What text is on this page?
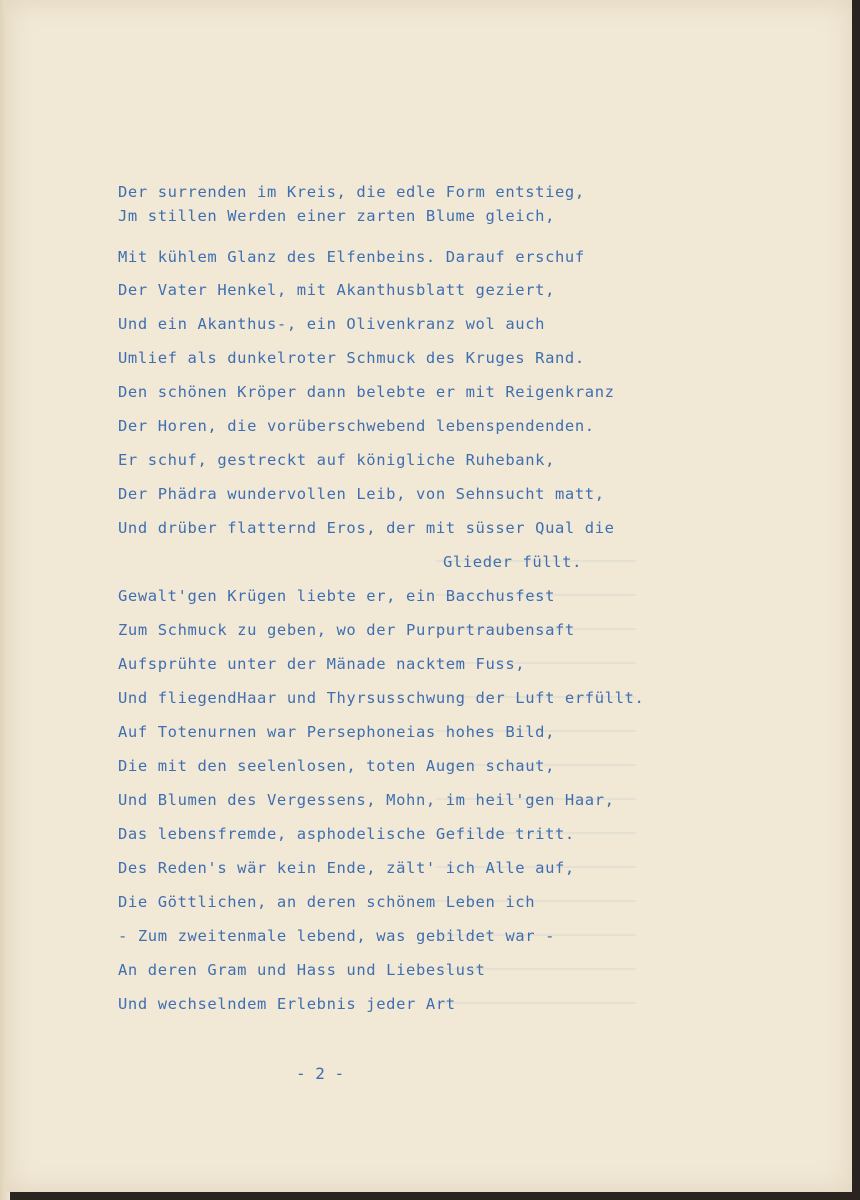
Der surrenden im Kreis, die edle Form entstieg,
Jm stillen Werden einer zarten Blume gleich,
Mit kühlem Glanz des Elfenbeins. Darauf erschuf
Der Vater Henkel, mit Akanthusblatt geziert,
Und ein Akanthus-, ein Olivenkranz wol auch
Umlief als dunkelroter Schmuck des Kruges Rand.
Den schönen Kröper dann belebte er mit Reigenkranz
Der Horen, die vorüberschwebend lebenspendenden.
Er schuf, gestreckt auf königliche Ruhebank,
Der Phädra wundervollen Leib, von Sehnsucht matt,
Und drüber flatternd Eros, der mit süsser Qual die
Glieder füllt.
Gewalt'gen Krügen liebte er, ein Bacchusfest
Zum Schmuck zu geben, wo der Purpurtraubensaft
Aufsprühte unter der Mänade nacktem Fuss,
Und fliegendHaar und Thyrsusschwung der Luft erfüllt.
Auf Totenurnen war Persephoneias hohes Bild,
Die mit den seelenlosen, toten Augen schaut,
Und Blumen des Vergessens, Mohn, im heil'gen Haar,
Das lebensfremde, asphodelische Gefilde tritt.
Des Reden's wär kein Ende, zält' ich Alle auf,
Die Göttlichen, an deren schönem Leben ich
- Zum zweitenmale lebend, was gebildet war -
An deren Gram und Hass und Liebeslust
Und wechselndem Erlebnis jeder Art
- 2 -
